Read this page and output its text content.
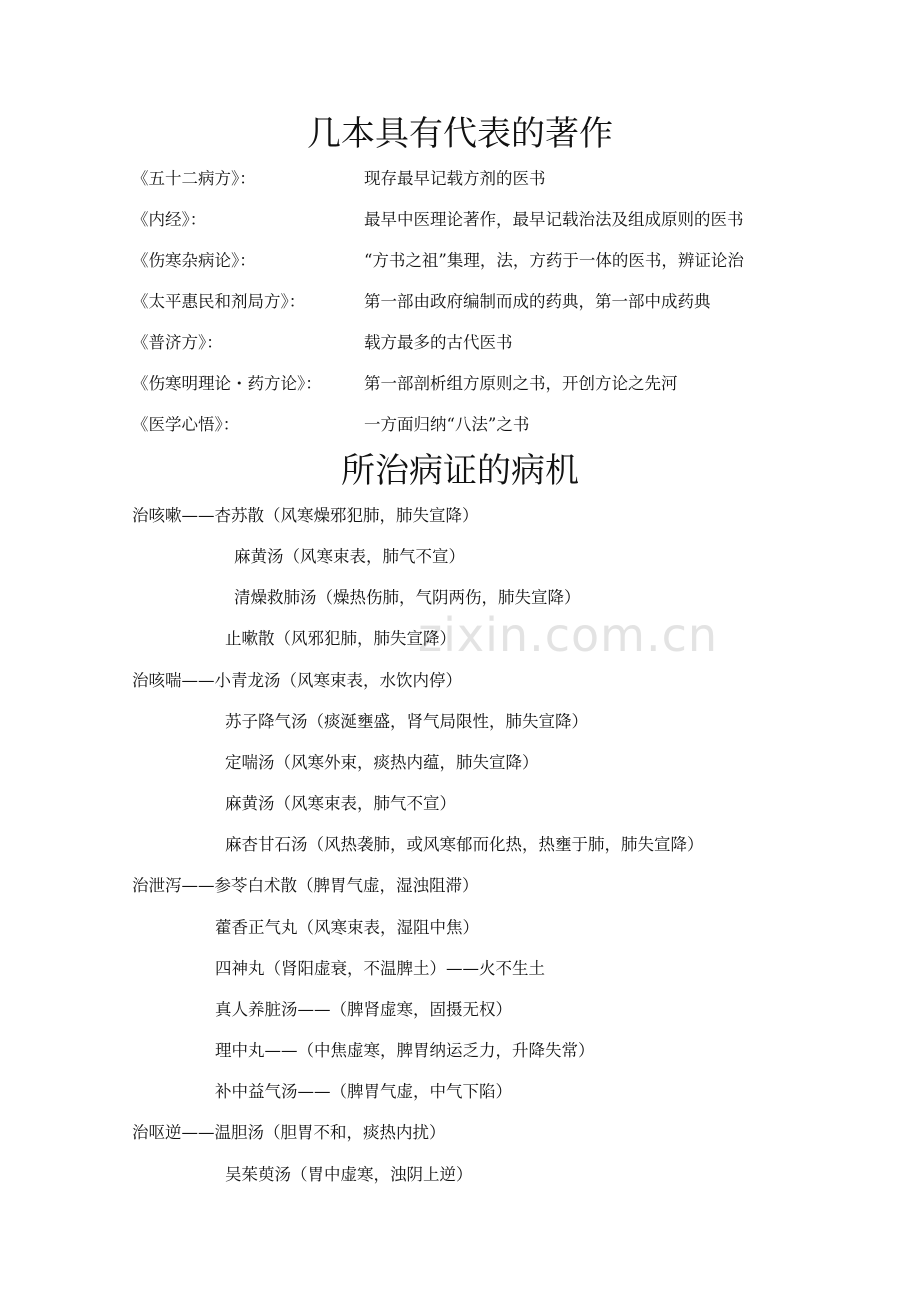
zixin.com.cn
几本具有代表的著作
《五十二病方》：	现存最早记载方剂的医书
《内经》：	最早中医理论著作，最早记载治法及组成原则的医书
《伤寒杂病论》：	“方书之祖”集理，法，方药于一体的医书，辨证论治
《太平惠民和剂局方》：	第一部由政府编制而成的药典，第一部中成药典
《普济方》：	载方最多的古代医书
《伤寒明理论・药方论》：	第一部剖析组方原则之书，开创方论之先河
《医学心悟》：	一方面归纳“八法”之书
所治病证的病机
治咳嗽——杏苏散（风寒燥邪犯肺，肺失宣降）
麻黄汤（风寒束表，肺气不宣）
清燥救肺汤（燥热伤肺，气阴两伤，肺失宣降）
止嗽散（风邪犯肺，肺失宣降）
治咳喘——小青龙汤（风寒束表，水饮内停）
苏子降气汤（痰涎壅盛，肾气局限性，肺失宣降）
定喘汤（风寒外束，痰热内蕴，肺失宣降）
麻黄汤（风寒束表，肺气不宣）
麻杏甘石汤（风热袭肺，或风寒郁而化热，热壅于肺，肺失宣降）
治泄泻——参苓白术散（脾胃气虚，湿浊阻滞）
藿香正气丸（风寒束表，湿阻中焦）
四神丸（肾阳虚衰，不温脾土）——火不生土
真人养脏汤——（脾肾虚寒，固摄无权）
理中丸——（中焦虚寒，脾胃纳运乏力，升降失常）
补中益气汤——（脾胃气虚，中气下陷）
治呕逆——温胆汤（胆胃不和，痰热内扰）
吴茱萸汤（胃中虚寒，浊阴上逆）
